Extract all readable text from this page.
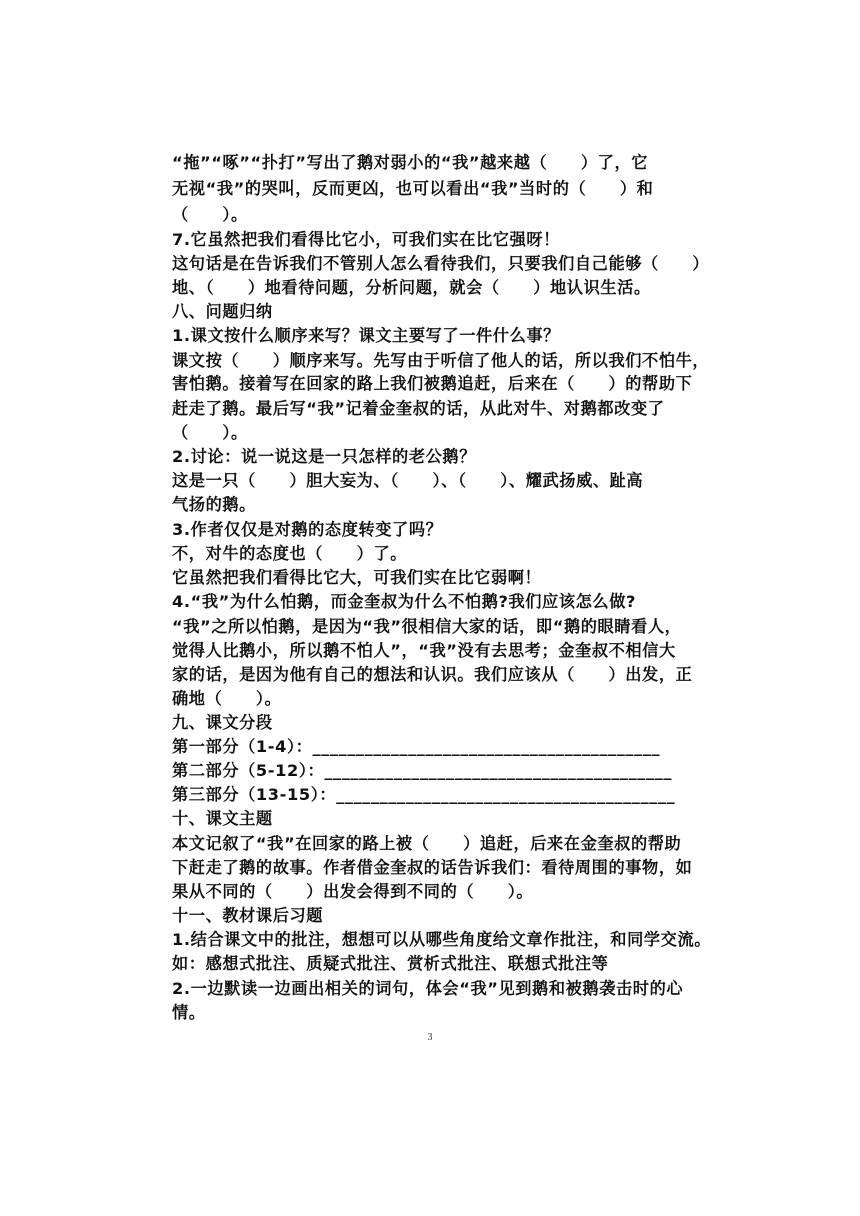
“拖”“啄”“扑打”写出了鹅对弱小的“我”越来越（　　）了，它
无视“我”的哭叫，反而更凶，也可以看出“我”当时的（　　）和
（　　）。
7.它虽然把我们看得比它小，可我们实在比它强呀！
这句话是在告诉我们不管别人怎么看待我们，只要我们自己能够（　　）
地、（　　）地看待问题，分析问题，就会（　　）地认识生活。
八、问题归纳
1.课文按什么顺序来写？课文主要写了一件什么事？
课文按（　　）顺序来写。先写由于听信了他人的话，所以我们不怕牛，
害怕鹅。接着写在回家的路上我们被鹅追赶，后来在（　　）的帮助下
赶走了鹅。最后写“我”记着金奎叔的话，从此对牛、对鹅都改变了
（　　）。
2.讨论：说一说这是一只怎样的老公鹅？
这是一只（　　）胆大妄为、（　　）、（　　）、耀武扬威、趾高
气扬的鹅。
3.作者仅仅是对鹅的态度转变了吗？
不，对牛的态度也（　　）了。
它虽然把我们看得比它大，可我们实在比它弱啊！
4.“我”为什么怕鹅，而金奎叔为什么不怕鹅?我们应该怎么做?
“我”之所以怕鹅，是因为“我”很相信大家的话，即“鹅的眼睛看人，
觉得人比鹅小，所以鹅不怕人”，“我”没有去思考；金奎叔不相信大
家的话，是因为他有自己的想法和认识。我们应该从（　　）出发，正
确地（　　）。
九、课文分段
第一部分（1-4）：________________________________________
第二部分（5-12）：________________________________________
第三部分（13-15）：_______________________________________
十、课文主题
本文记叙了“我”在回家的路上被（　　）追赶，后来在金奎叔的帮助
下赶走了鹅的故事。作者借金奎叔的话告诉我们：看待周围的事物，如
果从不同的（　　）出发会得到不同的（　　）。
十一、教材课后习题
1.结合课文中的批注，想想可以从哪些角度给文章作批注，和同学交流。
如：感想式批注、质疑式批注、赏析式批注、联想式批注等
2.一边默读一边画出相关的词句，体会“我”见到鹅和被鹅袭击时的心
情。
3
